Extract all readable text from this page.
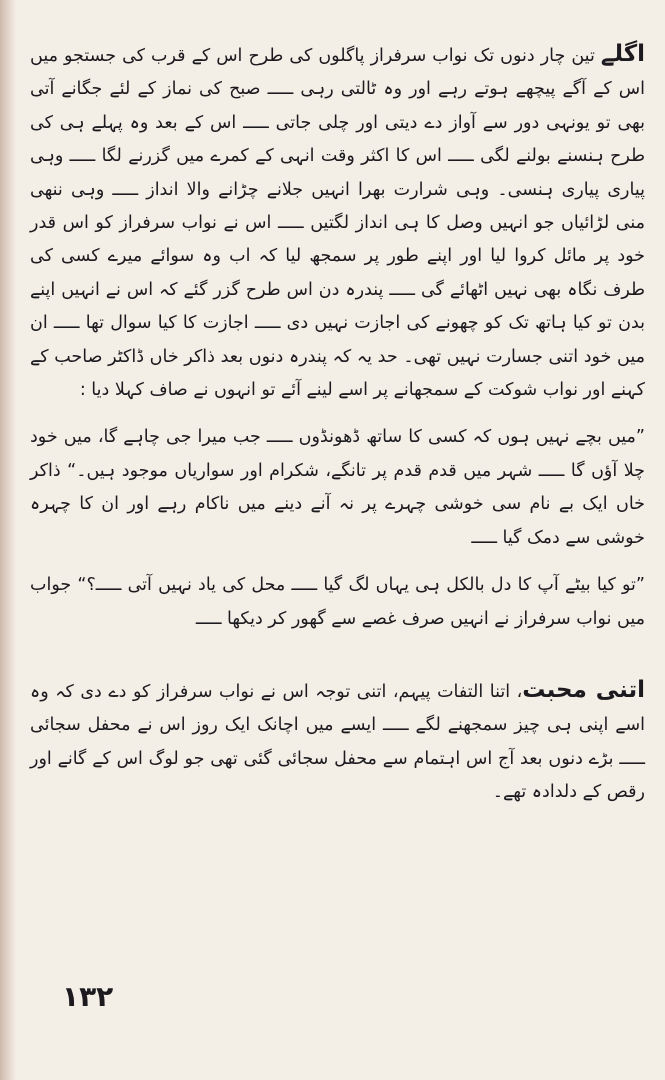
اگلے تین چار دنوں تک نواب سرفراز پاگلوں کی طرح اس کے قرب کی جستجو میں اس کے آگے پیچھے ہوتے رہے اور وہ ٹالتی رہی ـــــ صبح کی نماز کے لئے جگانے آتی بھی تو یونہی دور سے آواز دے دیتی اور چلی جاتی ـــــ اس کے بعد وہ پہلے ہی کی طرح ہنسنے بولنے لگی ـــــ اس کا اکثر وقت انہی کے کمرے میں گزرنے لگا ـــــ وہی پیاری پیاری ہنسی۔ وہی شرارت بھرا انہیں جلانے چڑانے والا انداز ـــــ وہی ننھی منی لڑائیاں جو انہیں وصل کا ہی انداز لگتیں ـــــ اس نے نواب سرفراز کو اس قدر خود پر مائل کروا لیا اور اپنے طور پر سمجھ لیا کہ اب وہ سوائے میرے کسی کی طرف نگاہ بھی نہیں اٹھائے گی ـــــ پندرہ دن اس طرح گزر گئے کہ اس نے انہیں اپنے بدن تو کیا ہاتھ تک کو چھونے کی اجازت نہیں دی ـــــ اجازت کا کیا سوال تھا ـــــ ان میں خود اتنی جسارت نہیں تھی۔ حد یہ کہ پندرہ دنوں بعد ذاکر خاں ڈاکٹر صاحب کے کہنے اور نواب شوکت کے سمجھانے پر اسے لینے آئے تو انہوں نے صاف کہلا دیا :

”میں بچے نہیں ہوں کہ کسی کا ساتھ ڈھونڈوں ـــــ جب میرا جی چاہے گا، میں خود چلا آؤں گا ـــــ شہر میں قدم قدم پر تانگے، شکرام اور سواریاں موجود ہیں۔“ ذاکر خاں ایک بے نام سی خوشی چہرے پر نہ آنے دینے میں ناکام رہے اور ان کا چہرہ خوشی سے دمک گیا ـــــ

”تو کیا بیٹے آپ کا دل بالکل ہی یہاں لگ گیا ـــــ محل کی یاد نہیں آتی ـــــ؟“ جواب میں نواب سرفراز نے انہیں صرف غصے سے گھور کر دیکھا ـــــ

اتنی محبت، اتنا التفات پیہم، اتنی توجہ اس نے نواب سرفراز کو دے دی کہ وہ اسے اپنی ہی چیز سمجھنے لگے ـــــ ایسے میں اچانک ایک روز اس نے محفل سجائی ـــــ بڑے دنوں بعد آج اس اہتمام سے محفل سجائی گئی تھی جو لوگ اس کے گانے اور رقص کے دلدادہ تھے۔

١٣٢
